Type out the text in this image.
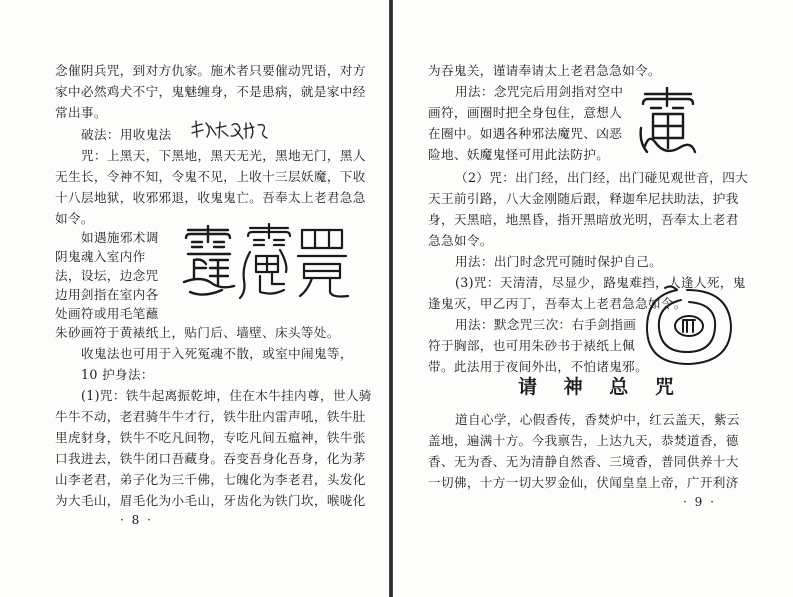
念催阴兵咒，到对方仇家。施术者只要催动咒语，对方
家中必然鸡犬不宁，鬼魅缠身，不是患病，就是家中经
常出事。
破法：用收鬼法
咒：上黑天，下黑地，黑天无光，黑地无门，黑人
无生长，令神不知，令鬼不见，上收十三层妖魔，下收
十八层地狱，收邪邪退，收鬼鬼亡。吾奉太上老君急急
如令。
如遇施邪术调
阴鬼魂入室内作
法，设坛，边念咒
边用剑指在室内各
处画符或用毛笔蘸
朱砂画符于黄裱纸上，贴门后、墙壁、床头等处。
收鬼法也可用于入死冤魂不散，或室中闹鬼等，
10 护身法：
(1)咒：铁牛起离振乾坤，住在木牛挂内尊，世人骑
牛牛不动，老君骑牛牛才行，铁牛肚内雷声吼，铁牛肚
里虎豺身，铁牛不吃凡间物，专吃凡间五瘟神，铁牛张
口我进去，铁牛闭口吾藏身。吞变吾身化吾身，化为茅
山李老君，弟子化为三千佛，七魄化为李老君，头发化
为大毛山，眉毛化为小毛山，牙齿化为铁门坎，喉咙化
· 8 ·
为吞鬼关，谨请奉请太上老君急急如令。
用法：念咒完后用剑指对空中
画符，画圈时把全身包住，意想人
在圈中。如遇各种邪法魔咒、凶恶
险地、妖魔鬼怪可用此法防护。
（2）咒：出门经，出门经，出门碰见观世音，四大
天王前引路，八大金刚随后跟，释迦牟尼扶助法，护我
身，天黑暗，地黑昏，指开黑暗放光明，吾奉太上老君
急急如令。
用法：出门时念咒可随时保护自己。
(3)咒：天清清，尽显少，路鬼难挡，人逢人死，鬼
逢鬼灭，甲乙丙丁，吾奉太上老君急急如令。
用法：默念咒三次：右手剑指画
符于胸部，也可用朱砂书于裱纸上佩
带。此法用于夜间外出，不怕诸鬼邪。
请 神 总 咒
道自心学，心假香传，香焚炉中，红云盖天，紫云
盖地，遍满十方。今我禀告，上达九天，恭焚道香，德
香、无为香、无为清静自然香、三境香，普同供养十大
一切佛，十方一切大罗金仙，伏闻皇皇上帝，广开利济
· 9 ·
